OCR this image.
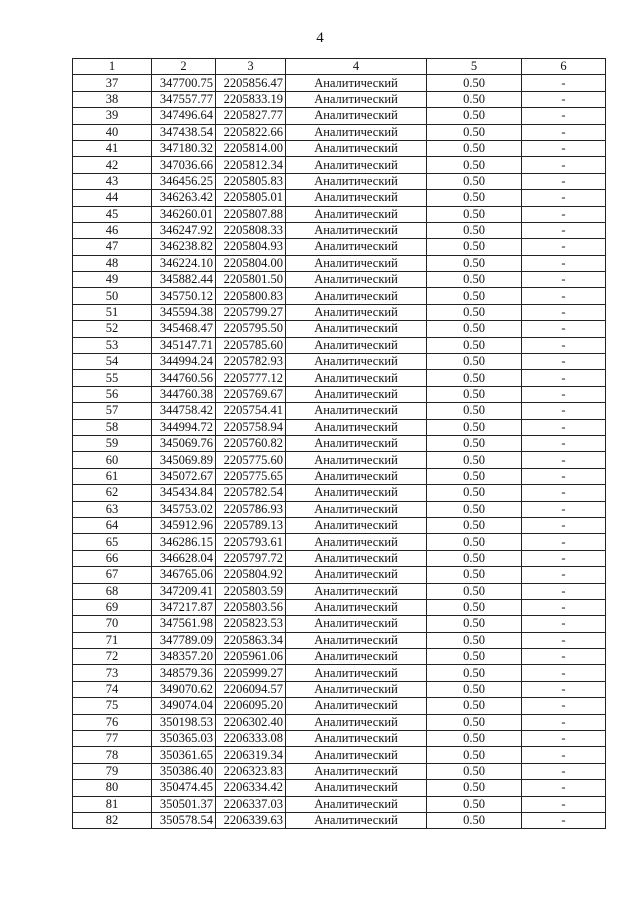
4
1	2	3	4	5	6
37	347700.75	2205856.47	Аналитический	0.50	-
38	347557.77	2205833.19	Аналитический	0.50	-
39	347496.64	2205827.77	Аналитический	0.50	-
40	347438.54	2205822.66	Аналитический	0.50	-
41	347180.32	2205814.00	Аналитический	0.50	-
42	347036.66	2205812.34	Аналитический	0.50	-
43	346456.25	2205805.83	Аналитический	0.50	-
44	346263.42	2205805.01	Аналитический	0.50	-
45	346260.01	2205807.88	Аналитический	0.50	-
46	346247.92	2205808.33	Аналитический	0.50	-
47	346238.82	2205804.93	Аналитический	0.50	-
48	346224.10	2205804.00	Аналитический	0.50	-
49	345882.44	2205801.50	Аналитический	0.50	-
50	345750.12	2205800.83	Аналитический	0.50	-
51	345594.38	2205799.27	Аналитический	0.50	-
52	345468.47	2205795.50	Аналитический	0.50	-
53	345147.71	2205785.60	Аналитический	0.50	-
54	344994.24	2205782.93	Аналитический	0.50	-
55	344760.56	2205777.12	Аналитический	0.50	-
56	344760.38	2205769.67	Аналитический	0.50	-
57	344758.42	2205754.41	Аналитический	0.50	-
58	344994.72	2205758.94	Аналитический	0.50	-
59	345069.76	2205760.82	Аналитический	0.50	-
60	345069.89	2205775.60	Аналитический	0.50	-
61	345072.67	2205775.65	Аналитический	0.50	-
62	345434.84	2205782.54	Аналитический	0.50	-
63	345753.02	2205786.93	Аналитический	0.50	-
64	345912.96	2205789.13	Аналитический	0.50	-
65	346286.15	2205793.61	Аналитический	0.50	-
66	346628.04	2205797.72	Аналитический	0.50	-
67	346765.06	2205804.92	Аналитический	0.50	-
68	347209.41	2205803.59	Аналитический	0.50	-
69	347217.87	2205803.56	Аналитический	0.50	-
70	347561.98	2205823.53	Аналитический	0.50	-
71	347789.09	2205863.34	Аналитический	0.50	-
72	348357.20	2205961.06	Аналитический	0.50	-
73	348579.36	2205999.27	Аналитический	0.50	-
74	349070.62	2206094.57	Аналитический	0.50	-
75	349074.04	2206095.20	Аналитический	0.50	-
76	350198.53	2206302.40	Аналитический	0.50	-
77	350365.03	2206333.08	Аналитический	0.50	-
78	350361.65	2206319.34	Аналитический	0.50	-
79	350386.40	2206323.83	Аналитический	0.50	-
80	350474.45	2206334.42	Аналитический	0.50	-
81	350501.37	2206337.03	Аналитический	0.50	-
82	350578.54	2206339.63	Аналитический	0.50	-
